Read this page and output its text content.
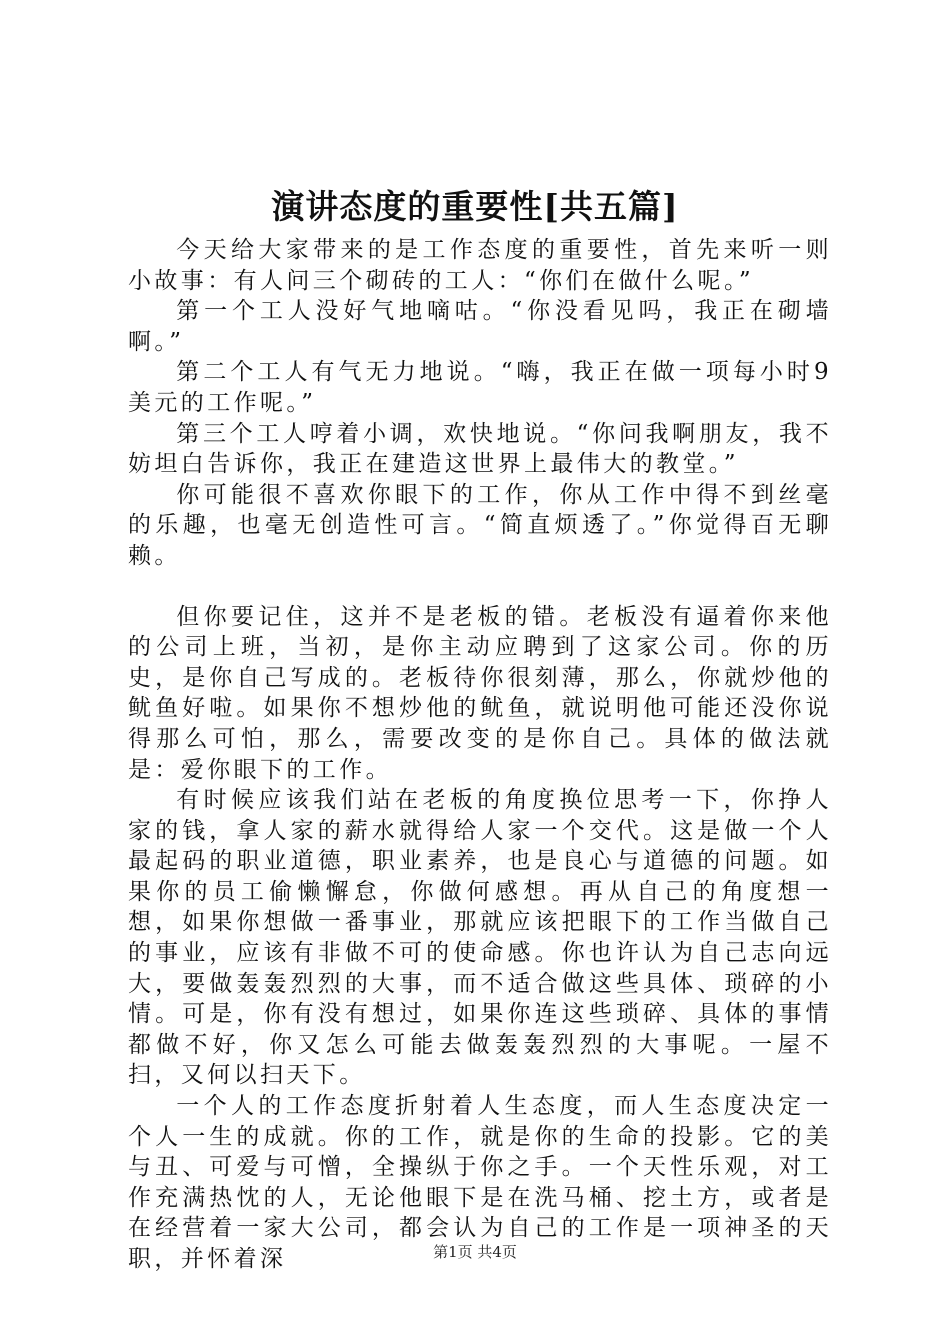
演讲态度的重要性[共五篇]

今天给大家带来的是工作态度的重要性，首先来听一则小故事：有人问三个砌砖的工人：“你们在做什么呢。”

第一个工人没好气地嘀咕。“你没看见吗，我正在砌墙啊。”

第二个工人有气无力地说。“嗨，我正在做一项每小时9美元的工作呢。”

第三个工人哼着小调，欢快地说。“你问我啊朋友，我不妨坦白告诉你，我正在建造这世界上最伟大的教堂。”

你可能很不喜欢你眼下的工作，你从工作中得不到丝毫的乐趣，也毫无创造性可言。“简直烦透了。”你觉得百无聊赖。

但你要记住，这并不是老板的错。老板没有逼着你来他的公司上班，当初，是你主动应聘到了这家公司。你的历史，是你自己写成的。老板待你很刻薄，那么，你就炒他的鱿鱼好啦。如果你不想炒他的鱿鱼，就说明他可能还没你说得那么可怕，那么，需要改变的是你自己。具体的做法就是：爱你眼下的工作。

有时候应该我们站在老板的角度换位思考一下，你挣人家的钱，拿人家的薪水就得给人家一个交代。这是做一个人最起码的职业道德，职业素养，也是良心与道德的问题。如果你的员工偷懒懈怠，你做何感想。再从自己的角度想一想，如果你想做一番事业，那就应该把眼下的工作当做自己的事业，应该有非做不可的使命感。你也许认为自己志向远大，要做轰轰烈烈的大事，而不适合做这些具体、琐碎的小情。可是，你有没有想过，如果你连这些琐碎、具体的事情都做不好，你又怎么可能去做轰轰烈烈的大事呢。一屋不扫，又何以扫天下。

一个人的工作态度折射着人生态度，而人生态度决定一个人一生的成就。你的工作，就是你的生命的投影。它的美与丑、可爱与可憎，全操纵于你之手。一个天性乐观，对工作充满热忱的人，无论他眼下是在洗马桶、挖土方，或者是在经营着一家大公司，都会认为自己的工作是一项神圣的天职，并怀着深	第1页 共4页
